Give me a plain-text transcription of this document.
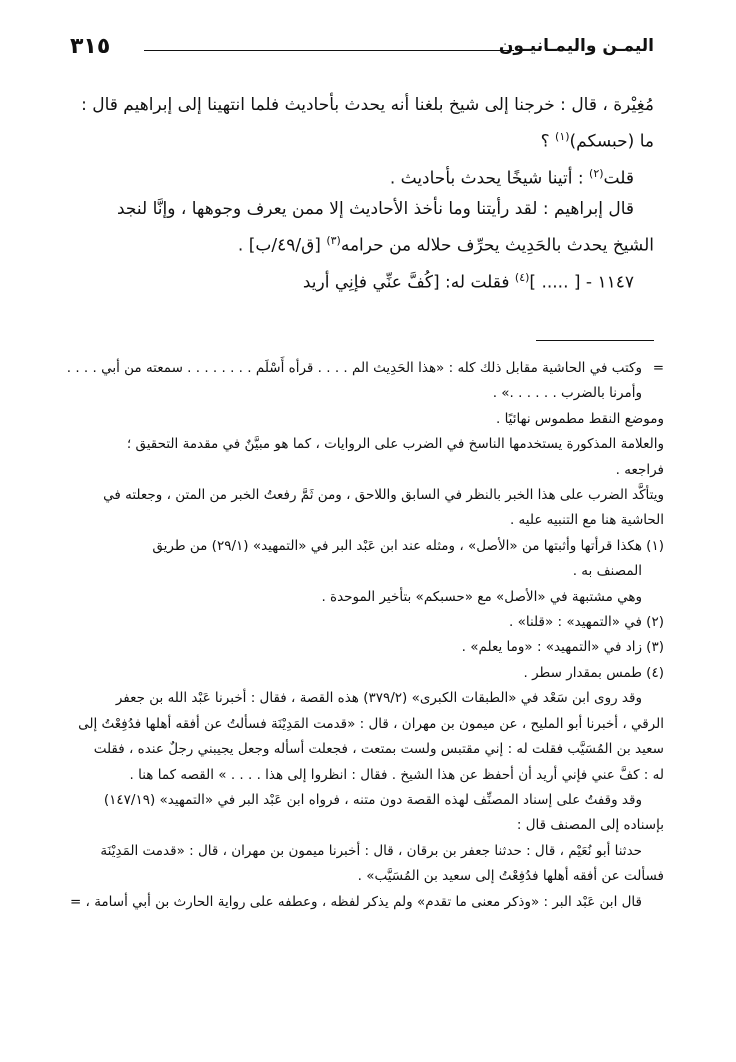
٣١٥	اليمـن واليمـانيـون

مُغِيْرة ، قال : خرجنا إلى شيخ بلغنا أنه يحدث بأحاديث فلما انتهينا إلى إبراهيم قال :

ما (حبسكم)$^{(١)}$ ؟

قلت$^{(٢)}$ : أتينا شيخًا يحدث بأحاديث .

قال إبراهيم : لقد رأيتنا وما نأخذ الأحاديث إلا ممن يعرف وجوهها ، وإنَّا لنجد

الشيخ يحدث بالحَدِيث يحرِّف حلاله من حرامه$^{(٣)}$ [ق/٤٩/ب] .

١١٤٧ - [ ..... ]$^{(٤)}$ فقلت له: [كُفَّ عنِّي فإنِي أريد

=

وكتب في الحاشية مقابل ذلك كله : «هذا الحَدِيث الم . . . . قرأه أَسْلَم . . . . . . . . سمعته من أبي . . . .

وأمرنا بالضرب . . . . . .» .

وموضع النقط مطموس نهائيًا .

والعلامة المذكورة يستخدمها الناسخ في الضرب على الروايات ، كما هو مبيَّنٌ في مقدمة التحقيق ؛

فراجعه .

ويتأكَّد الضرب على هذا الخبر بالنظر في السابق واللاحق ، ومن ثَمَّ رفعتُ الخبر من المتن ، وجعلته في

الحاشية هنا مع التنبيه عليه .

(١)

هكذا قرأتها وأثبتها من «الأصل» ، ومثله عند ابن عَبْد البر في «التمهيد» (٢٩/١) من طريق

المصنف به .

وهي مشتبهة في «الأصل» مع «حسبكم» بتأخير الموحدة .

(٢)

في «التمهيد» : «قلنا» .

(٣)

زاد في «التمهيد» : «وما يعلم» .

(٤)

طمس بمقدار سطر .

وقد روى ابن سَعْد في «الطبقات الكبرى» (٣٧٩/٢) هذه القصة ، فقال : أخبرنا عَبْد الله بن جعفر

الرقي ، أخبرنا أبو المليح ، عن ميمون بن مهران ، قال : «قدمت المَدِيْنَة فسألتُ عن أفقه أهلها فدُفِعْتُ إلى

سعيد بن المُسَيَّب فقلت له : إني مقتبس ولست بمتعت ، فجعلت أسأله وجعل يجيبني رجلٌ عنده ، فقلت

له : كفَّ عني فإني أريد أن أحفظ عن هذا الشيخ . فقال : انظروا إلى هذا . . . . » القصه كما هنا .

وقد وقفتُ على إسناد المصنِّف لهذه القصة دون متنه ، فرواه ابن عَبْد البر في «التمهيد» (١٤٧/١٩)

بإسناده إلى المصنف قال :

حدثنا أبو نُعَيْم ، قال : حدثنا جعفر بن برقان ، قال : أخبرنا ميمون بن مهران ، قال : «قدمت المَدِيْنَة

فسألت عن أفقه أهلها فدُفِعْتُ إلى سعيد بن المُسَيَّب» .

قال ابن عَبْد البر : «وذكر معنى ما تقدم» ولم يذكر لفظه ، وعطفه على رواية الحارث بن أبي أسامة ، =
